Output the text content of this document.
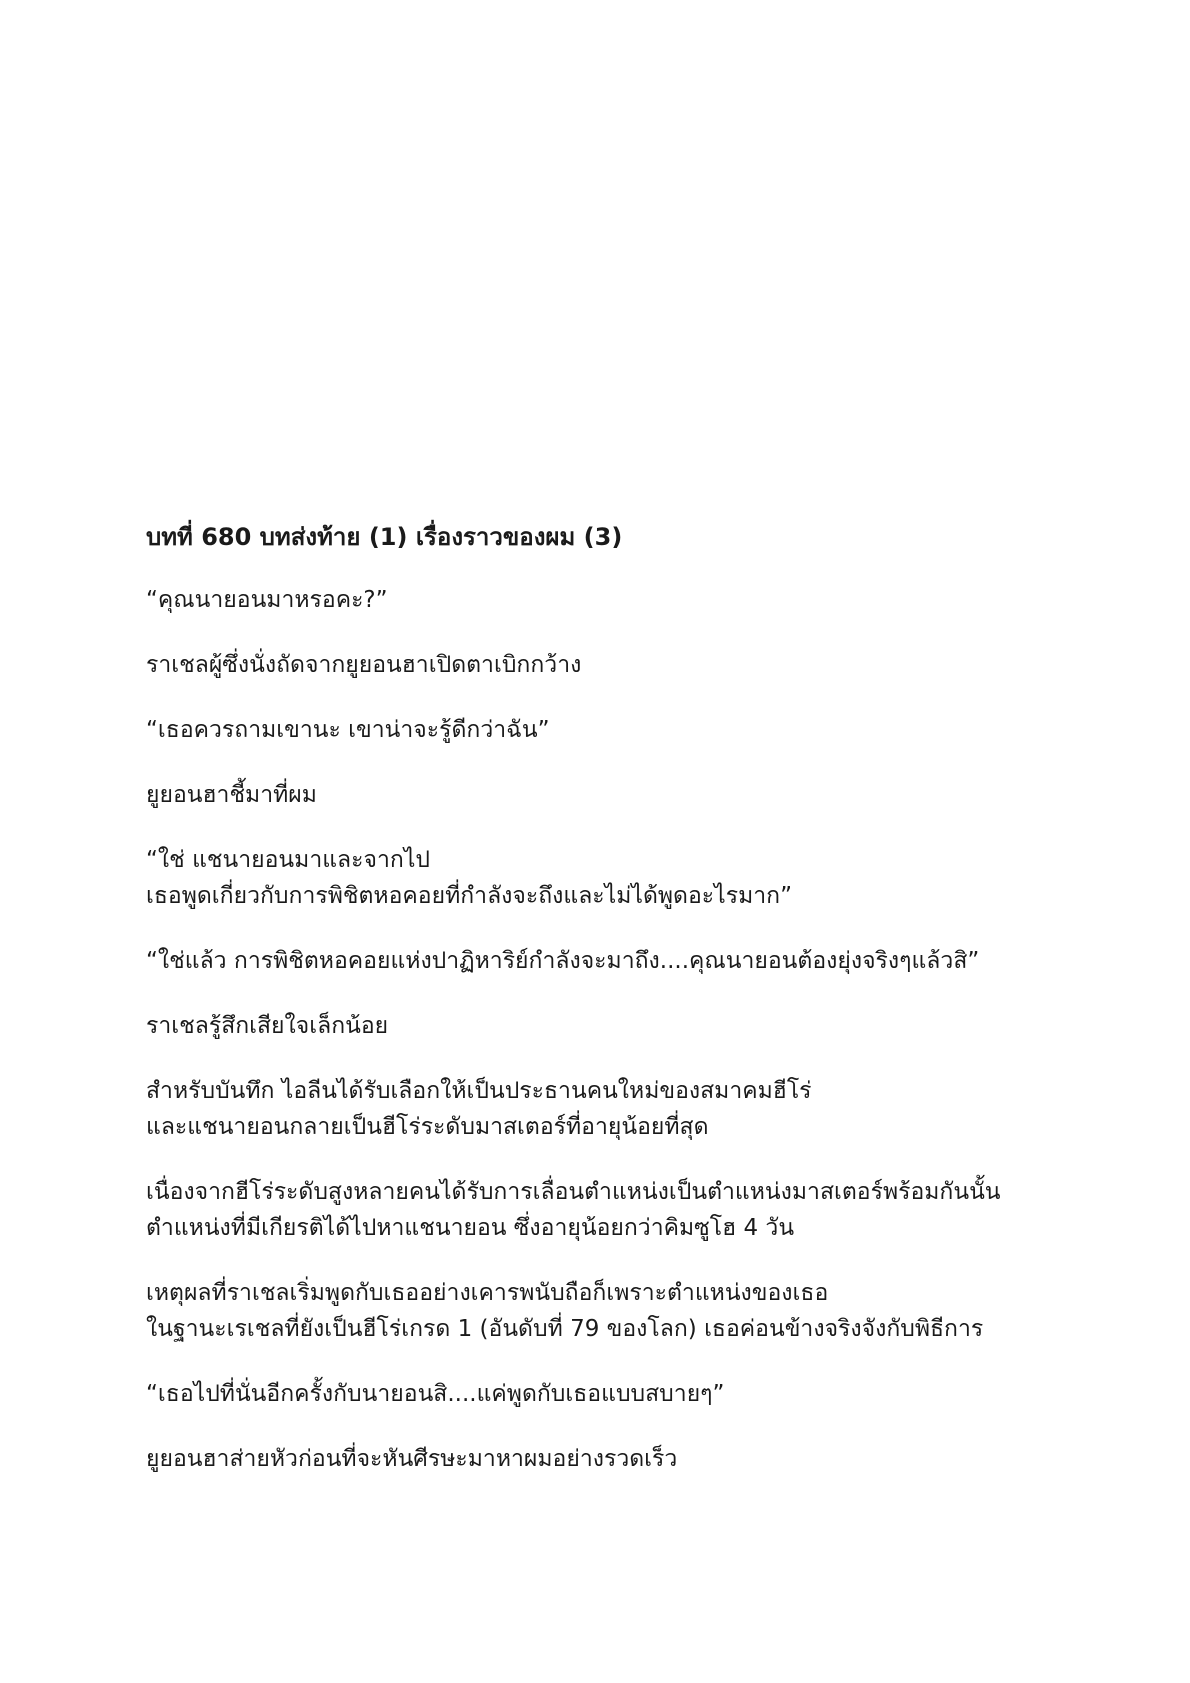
บทที่ 680 บทส่งท้าย (1) เรื่องราวของผม (3)

“คุณนายอนมาหรอคะ?”

ราเชลผู้ซึ่งนั่งถัดจากยูยอนฮาเปิดตาเบิกกว้าง

“เธอควรถามเขานะ เขาน่าจะรู้ดีกว่าฉัน”

ยูยอนฮาชี้มาที่ผม

“ใช่ แชนายอนมาและจากไป
เธอพูดเกี่ยวกับการพิชิตหอคอยที่กำลังจะถึงและไม่ได้พูดอะไรมาก”

“ใช่แล้ว การพิชิตหอคอยแห่งปาฏิหาริย์กำลังจะมาถึง....คุณนายอนต้องยุ่งจริงๆแล้วสิ”

ราเชลรู้สึกเสียใจเล็กน้อย

สำหรับบันทึก ไอลีนได้รับเลือกให้เป็นประธานคนใหม่ของสมาคมฮีโร่
และแชนายอนกลายเป็นฮีโร่ระดับมาสเตอร์ที่อายุน้อยที่สุด

เนื่องจากฮีโร่ระดับสูงหลายคนได้รับการเลื่อนตำแหน่งเป็นตำแหน่งมาสเตอร์พร้อมกันนั้น
ตำแหน่งที่มีเกียรติได้ไปหาแชนายอน ซึ่งอายุน้อยกว่าคิมซูโฮ 4 วัน

เหตุผลที่ราเชลเริ่มพูดกับเธออย่างเคารพนับถือก็เพราะตำแหน่งของเธอ
ในฐานะเรเชลที่ยังเป็นฮีโร่เกรด 1 (อันดับที่ 79 ของโลก) เธอค่อนข้างจริงจังกับพิธีการ

“เธอไปที่นั่นอีกครั้งกับนายอนสิ....แค่พูดกับเธอแบบสบายๆ”

ยูยอนฮาส่ายหัวก่อนที่จะหันศีรษะมาหาผมอย่างรวดเร็ว
